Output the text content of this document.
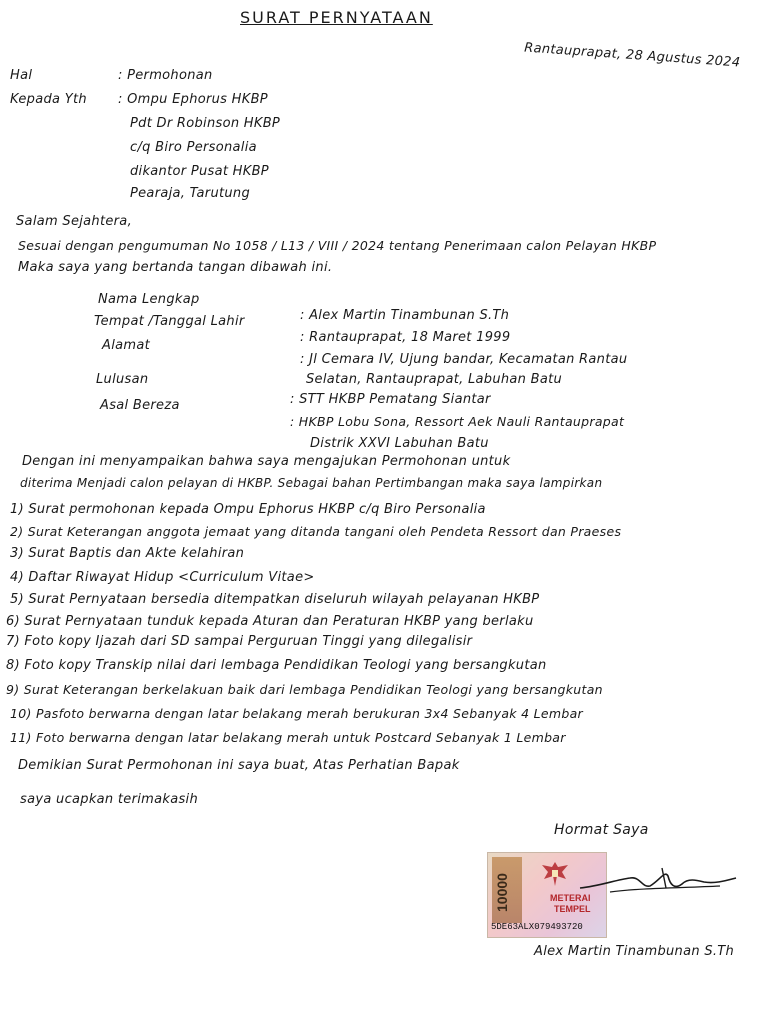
SURAT PERNYATAAN
Rantauprapat, 28 Agustus 2024
Hal	: Permohonan
Kepada Yth : Ompu Ephorus HKBP
Pdt Dr Robinson HKBP
c/q Biro Personalia
dikantor Pusat HKBP
Pearaja, Tarutung
Salam Sejahtera,
Sesuai dengan pengumuman No 1058 / L13 / VIII / 2024 tentang Penerimaan calon Pelayan HKBP
Maka saya yang bertanda tangan dibawah ini.
Nama Lengkap
: Alex Martin Tinambunan S.Th
Tempat /Tanggal Lahir
: Rantauprapat, 18 Maret 1999
Alamat
: Jl Cemara IV, Ujung bandar, Kecamatan Rantau
Selatan, Rantauprapat, Labuhan Batu
Lulusan
: STT HKBP Pematang Siantar
Asal Bereza
: HKBP Lobu Sona, Ressort Aek Nauli Rantauprapat
Distrik XXVI Labuhan Batu
Dengan ini menyampaikan bahwa saya mengajukan Permohonan untuk
diterima Menjadi calon pelayan di HKBP. Sebagai bahan Pertimbangan maka saya lampirkan
1) Surat permohonan kepada Ompu Ephorus HKBP c/q Biro Personalia
2) Surat Keterangan anggota jemaat yang ditanda tangani oleh Pendeta Ressort dan Praeses
3) Surat Baptis dan Akte kelahiran
4) Daftar Riwayat Hidup <Curriculum Vitae>
5) Surat Pernyataan bersedia ditempatkan diseluruh wilayah pelayanan HKBP
6) Surat Pernyataan tunduk kepada Aturan dan Peraturan HKBP yang berlaku
7) Foto kopy Ijazah dari SD sampai Perguruan Tinggi yang dilegalisir
8) Foto kopy Transkip nilai dari lembaga Pendidikan Teologi yang bersangkutan
9) Surat Keterangan berkelakuan baik dari lembaga Pendidikan Teologi yang bersangkutan
10) Pasfoto berwarna dengan latar belakang merah berukuran 3x4 Sebanyak 4 Lembar
11) Foto berwarna dengan latar belakang merah untuk Postcard Sebanyak 1 Lembar
Demikian Surat Permohonan ini saya buat, Atas Perhatian Bapak
saya ucapkan terimakasih
Hormat Saya
10000	METERAI
TEMPEL
5DE63ALX079493720
Alex Martin Tinambunan S.Th
